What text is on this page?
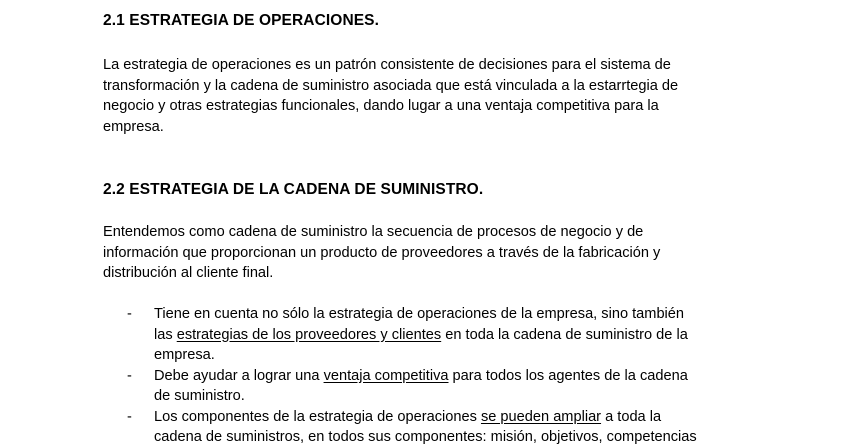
2.1 ESTRATEGIA DE OPERACIONES.

La estrategia de operaciones es un patrón consistente de decisiones para el sistema de
transformación y la cadena de suministro asociada que está vinculada a la estarrtegia de
negocio y otras estrategias funcionales, dando lugar a una ventaja competitiva para la
empresa.

2.2 ESTRATEGIA DE LA CADENA DE SUMINISTRO.

Entendemos como cadena de suministro la secuencia de procesos de negocio y de
información que proporcionan un producto de proveedores a través de la fabricación y
distribución al cliente final.

- Tiene en cuenta no sólo la estrategia de operaciones de la empresa, sino también
las estrategias de los proveedores y clientes en toda la cadena de suministro de la
empresa.
- Debe ayudar a lograr una ventaja competitiva para todos los agentes de la cadena
de suministro.
- Los componentes de la estrategia de operaciones se pueden ampliar a toda la
cadena de suministros, en todos sus componentes: misión, objetivos, competencias
